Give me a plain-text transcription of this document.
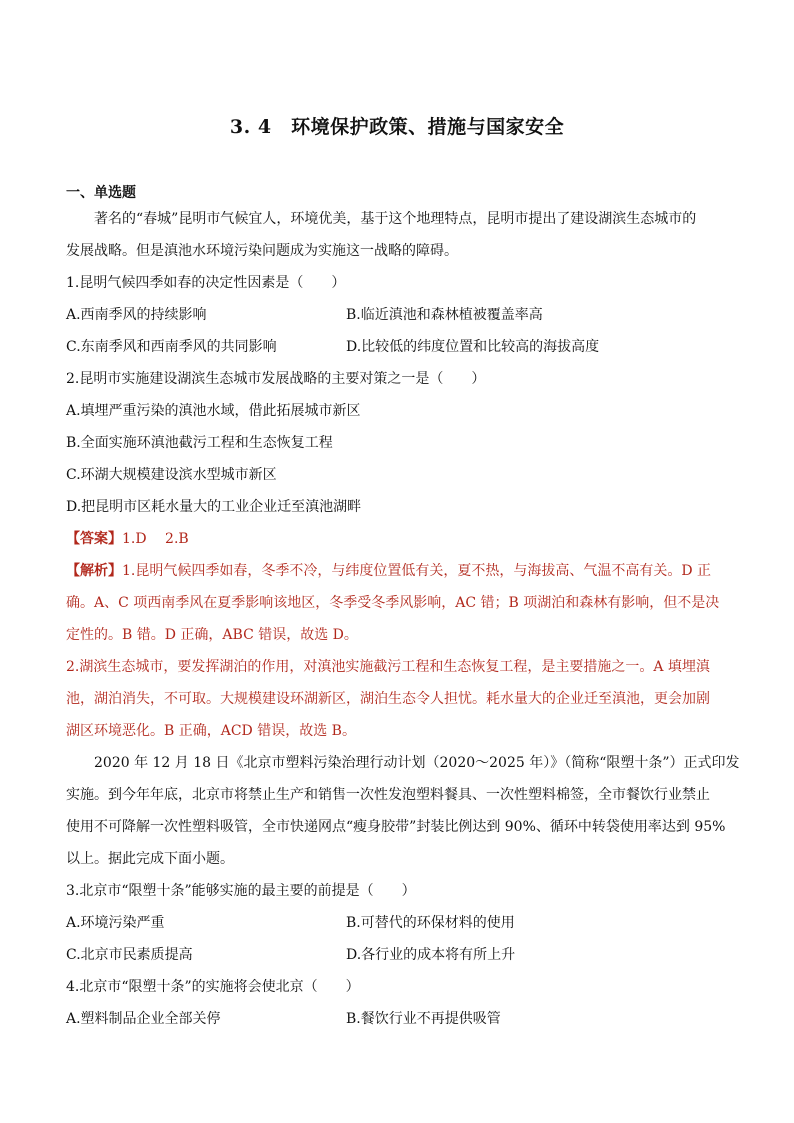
3. 4　环境保护政策、措施与国家安全
一、单选题
著名的“春城”昆明市气候宜人，环境优美，基于这个地理特点，昆明市提出了建设湖滨生态城市的
发展战略。但是滇池水环境污染问题成为实施这一战略的障碍。
1.昆明气候四季如春的决定性因素是（　　）
A.西南季风的持续影响	B.临近滇池和森林植被覆盖率高
C.东南季风和西南季风的共同影响	D.比较低的纬度位置和比较高的海拔高度
2.昆明市实施建设湖滨生态城市发展战略的主要对策之一是（　　）
A.填埋严重污染的滇池水域，借此拓展城市新区
B.全面实施环滇池截污工程和生态恢复工程
C.环湖大规模建设滨水型城市新区
D.把昆明市区耗水量大的工业企业迁至滇池湖畔
【答案】1.D　 2.B
【解析】1.昆明气候四季如春，冬季不冷，与纬度位置低有关，夏不热，与海拔高、气温不高有关。D 正
确。A、C 项西南季风在夏季影响该地区，冬季受冬季风影响，AC 错；B 项湖泊和森林有影响，但不是决
定性的。B 错。D 正确，ABC 错误，故选 D。
2.湖滨生态城市，要发挥湖泊的作用，对滇池实施截污工程和生态恢复工程，是主要措施之一。A 填埋滇
池，湖泊消失，不可取。大规模建设环湖新区，湖泊生态令人担忧。耗水量大的企业迁至滇池，更会加剧
湖区环境恶化。B 正确，ACD 错误，故选 B。
2020 年 12 月 18 日《北京市塑料污染治理行动计划（2020～2025 年）》（简称“限塑十条”）正式印发
实施。到今年年底，北京市将禁止生产和销售一次性发泡塑料餐具、一次性塑料棉签，全市餐饮行业禁止
使用不可降解一次性塑料吸管，全市快递网点“瘦身胶带”封装比例达到 90%、循环中转袋使用率达到 95%
以上。据此完成下面小题。
3.北京市“限塑十条”能够实施的最主要的前提是（　　）
A.环境污染严重	B.可替代的环保材料的使用
C.北京市民素质提高	D.各行业的成本将有所上升
4.北京市“限塑十条”的实施将会使北京（　　）
A.塑料制品企业全部关停	B.餐饮行业不再提供吸管
